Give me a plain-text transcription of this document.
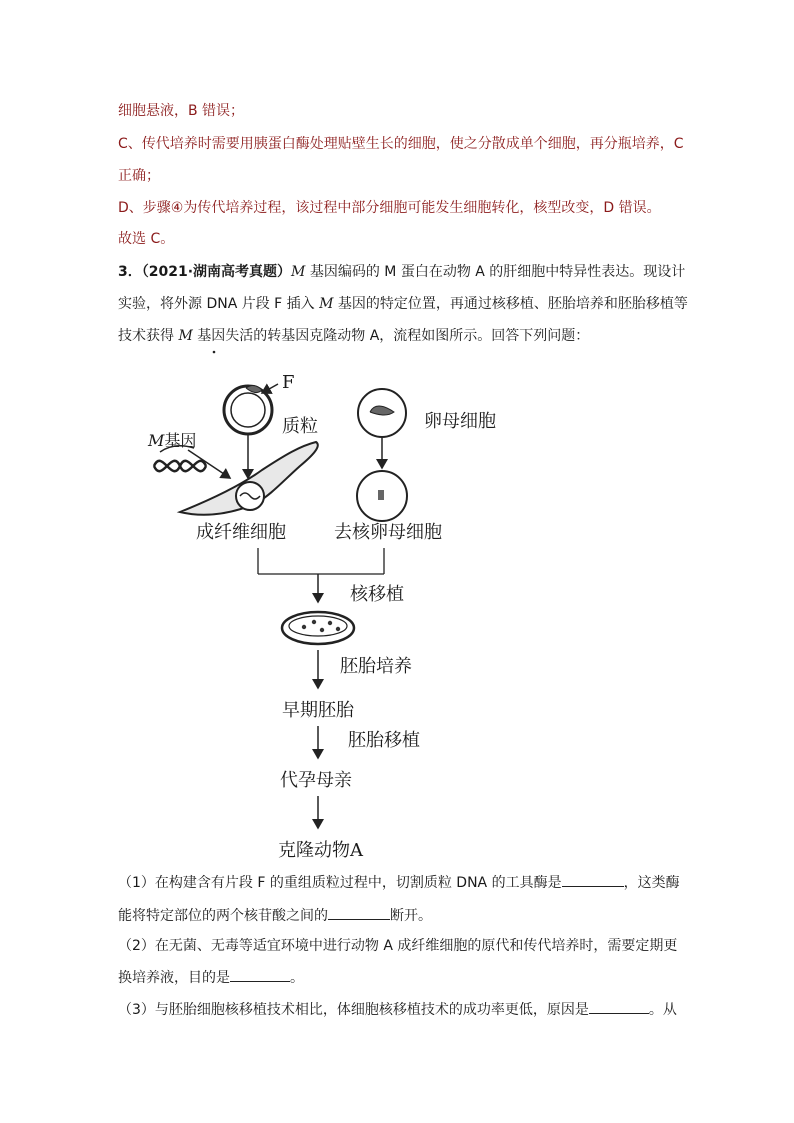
细胞悬液，B 错误；
C、传代培养时需要用胰蛋白酶处理贴壁生长的细胞，使之分散成单个细胞，再分瓶培养，C
正确；
D、步骤④为传代培养过程，该过程中部分细胞可能发生细胞转化，核型改变，D 错误。
故选 C。
3．（2021·湖南高考真题）M 基因编码的 M 蛋白在动物 A 的肝细胞中特异性表达。现设计
实验，将外源 DNA 片段 F 插入 M 基因的特定位置，再通过核移植、胚胎培养和胚胎移植等
技术获得 M 基因失活的转基因克隆动物 A，流程如图所示。回答下列问题：
F
质粒
M基因
成纤维细胞
卵母细胞
去核卵母细胞
核移植
胚胎培养
早期胚胎
胚胎移植
代孕母亲
克隆动物A
（1）在构建含有片段 F 的重组质粒过程中，切割质粒 DNA 的工具酶是	，这类酶
能将特定部位的两个核苷酸之间的	断开。
（2）在无菌、无毒等适宜环境中进行动物 A 成纤维细胞的原代和传代培养时，需要定期更
换培养液，目的是	。
（3）与胚胎细胞核移植技术相比，体细胞核移植技术的成功率更低，原因是	。从
